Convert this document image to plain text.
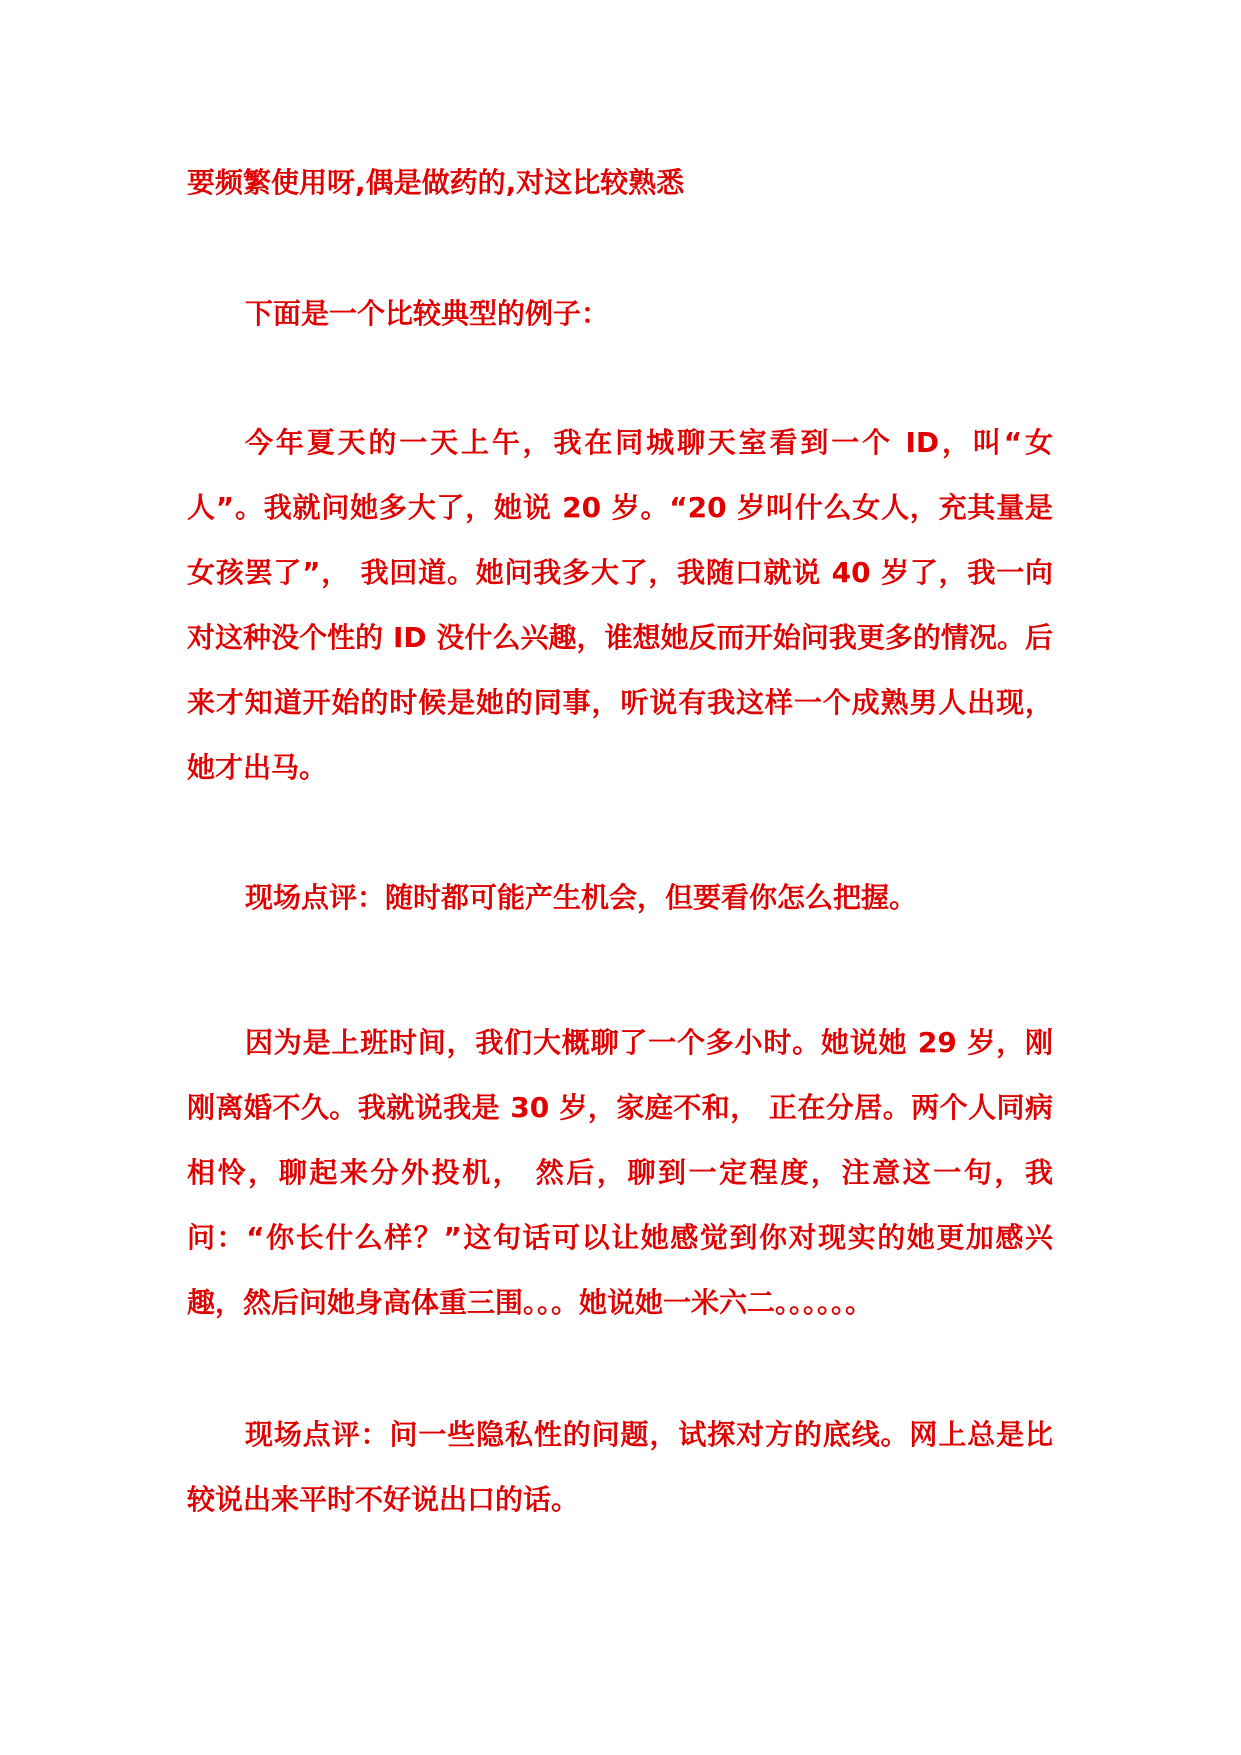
要频繁使用呀,偶是做药的,对这比较熟悉
下面是一个比较典型的例子：
今年夏天的一天上午，我在同城聊天室看到一个 ID，叫“女人”。我就问她多大了，她说 20 岁。“20 岁叫什么女人，充其量是女孩罢了”， 我回道。她问我多大了，我随口就说 40 岁了，我一向对这种没个性的 ID 没什么兴趣，谁想她反而开始问我更多的情况。后来才知道开始的时候是她的同事，听说有我这样一个成熟男人出现，她才出马。
现场点评：随时都可能产生机会，但要看你怎么把握。
因为是上班时间，我们大概聊了一个多小时。她说她 29 岁，刚刚离婚不久。我就说我是 30 岁，家庭不和， 正在分居。两个人同病相怜，聊起来分外投机， 然后，聊到一定程度，注意这一句，我问：“你长什么样？”这句话可以让她感觉到你对现实的她更加感兴趣，然后问她身高体重三围。。。她说她一米六二。。。。。。
现场点评：问一些隐私性的问题，试探对方的底线。网上总是比较说出来平时不好说出口的话。
